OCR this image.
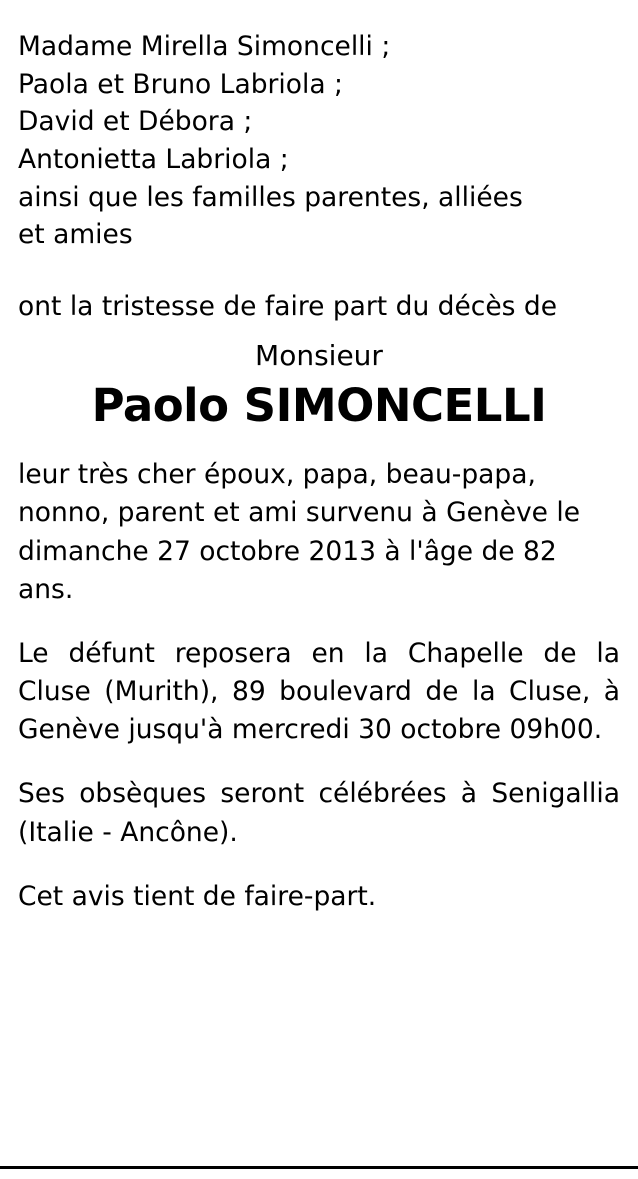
Madame Mirella Simoncelli ;
Paola et Bruno Labriola ;
David et Débora ;
Antonietta Labriola ;
ainsi que les familles parentes, alliées
et amies
ont la tristesse de faire part du décès de
Monsieur
Paolo SIMONCELLI
leur très cher époux, papa, beau-papa, nonno, parent et ami survenu à Genève le dimanche 27 octobre 2013 à l'âge de 82 ans.
Le défunt reposera en la Chapelle de la Cluse (Murith), 89 boulevard de la Cluse, à Genève jusqu'à mercredi 30 octobre 09h00.
Ses obsèques seront célébrées à Senigallia (Italie - Ancône).
Cet avis tient de faire-part.
